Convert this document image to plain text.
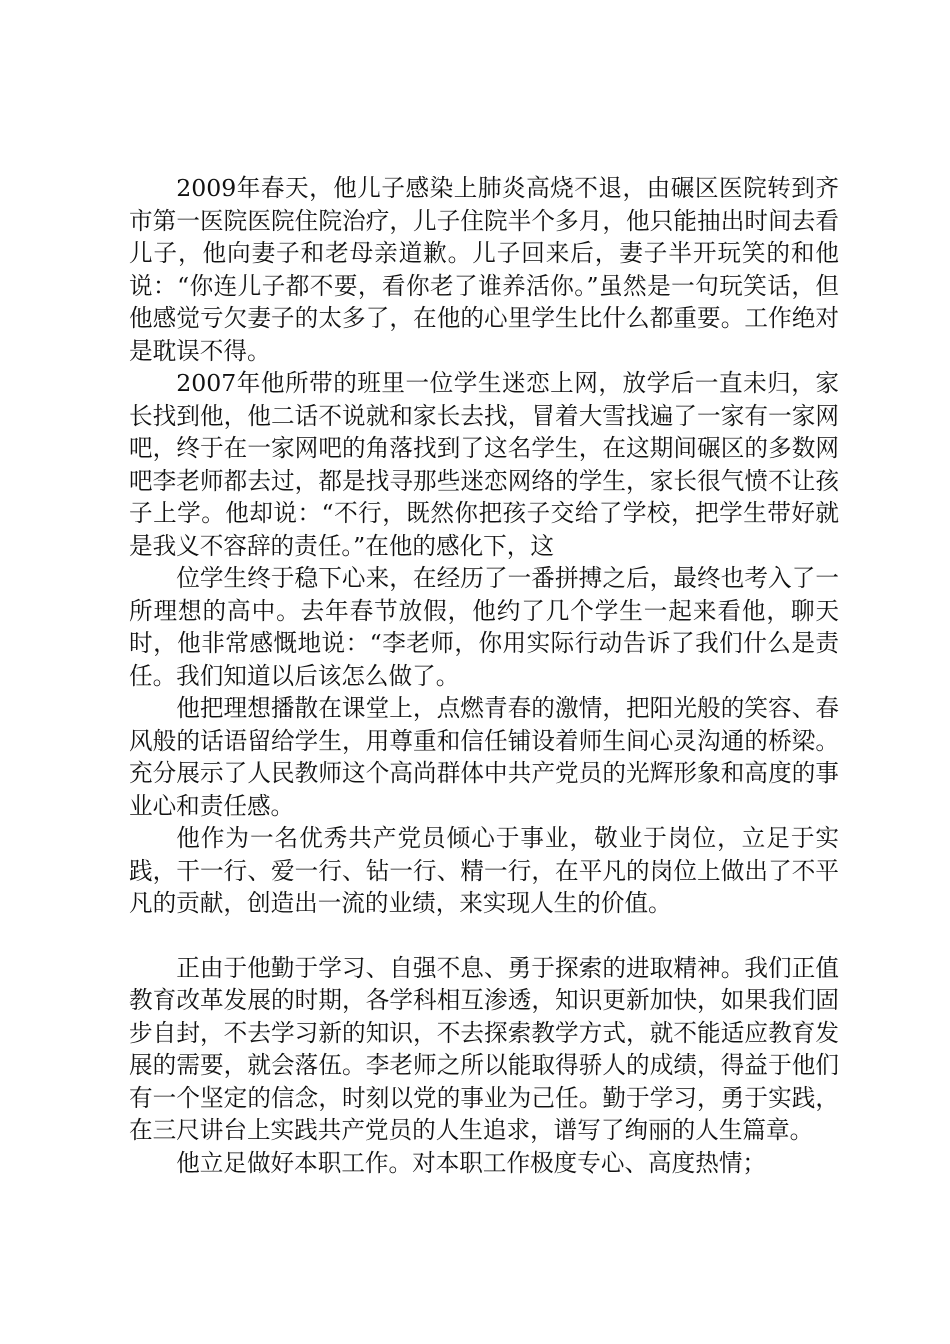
2009年春天，他儿子感染上肺炎高烧不退，由碾区医院转到齐市第一医院医院住院治疗，儿子住院半个多月，他只能抽出时间去看儿子，他向妻子和老母亲道歉。儿子回来后，妻子半开玩笑的和他说：“你连儿子都不要，看你老了谁养活你。”虽然是一句玩笑话，但他感觉亏欠妻子的太多了，在他的心里学生比什么都重要。工作绝对是耽误不得。

2007年他所带的班里一位学生迷恋上网，放学后一直未归，家长找到他，他二话不说就和家长去找，冒着大雪找遍了一家有一家网吧，终于在一家网吧的角落找到了这名学生，在这期间碾区的多数网吧李老师都去过，都是找寻那些迷恋网络的学生，家长很气愤不让孩子上学。他却说：“不行，既然你把孩子交给了学校，把学生带好就是我义不容辞的责任。”在他的感化下，这

位学生终于稳下心来，在经历了一番拼搏之后，最终也考入了一所理想的高中。去年春节放假，他约了几个学生一起来看他，聊天时，他非常感慨地说：“李老师，你用实际行动告诉了我们什么是责任。我们知道以后该怎么做了。

他把理想播散在课堂上，点燃青春的激情，把阳光般的笑容、春风般的话语留给学生，用尊重和信任铺设着师生间心灵沟通的桥梁。充分展示了人民教师这个高尚群体中共产党员的光辉形象和高度的事业心和责任感。

他作为一名优秀共产党员倾心于事业，敬业于岗位，立足于实践，干一行、爱一行、钻一行、精一行，在平凡的岗位上做出了不平凡的贡献，创造出一流的业绩，来实现人生的价值。

正由于他勤于学习、自强不息、勇于探索的进取精神。我们正值教育改革发展的时期，各学科相互渗透，知识更新加快，如果我们固步自封，不去学习新的知识，不去探索教学方式，就不能适应教育发展的需要，就会落伍。李老师之所以能取得骄人的成绩，得益于他们有一个坚定的信念，时刻以党的事业为己任。勤于学习，勇于实践，在三尺讲台上实践共产党员的人生追求，谱写了绚丽的人生篇章。

他立足做好本职工作。对本职工作极度专心、高度热情；
